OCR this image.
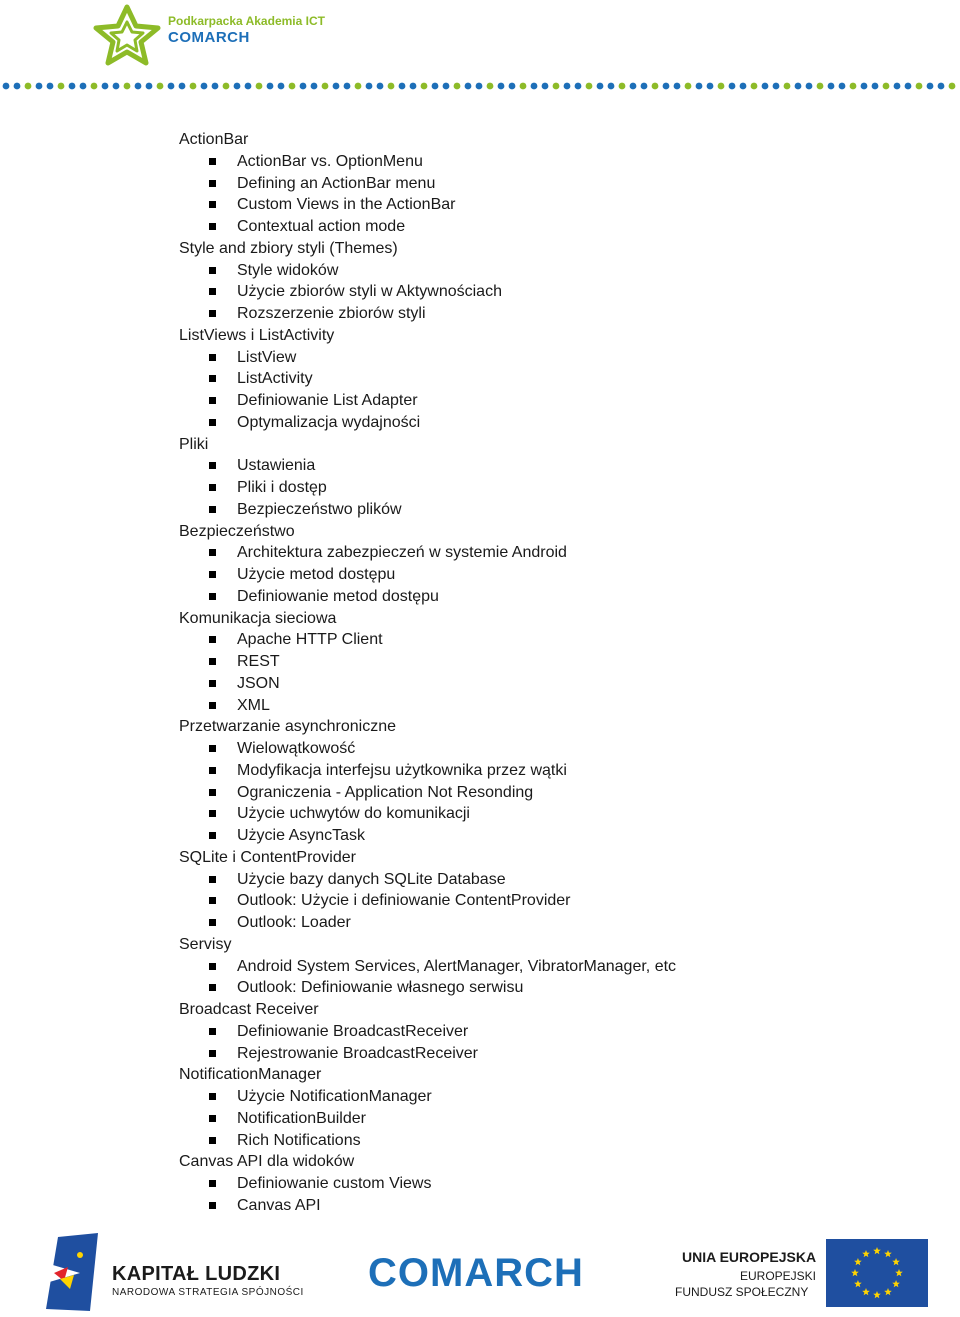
Podkarpacka Akademia ICT
COMARCH
ActionBar
ActionBar vs. OptionMenu
Defining an ActionBar menu
Custom Views in the ActionBar
Contextual action mode
Style and zbiory styli (Themes)
Style widoków
Użycie zbiorów styli w Aktywnościach
Rozszerzenie zbiorów styli
ListViews i ListActivity
ListView
ListActivity
Definiowanie List Adapter
Optymalizacja wydajności
Pliki
Ustawienia
Pliki i dostęp
Bezpieczeństwo plików
Bezpieczeństwo
Architektura zabezpieczeń w systemie Android
Użycie metod dostępu
Definiowanie metod dostępu
Komunikacja sieciowa
Apache HTTP Client
REST
JSON
XML
Przetwarzanie asynchroniczne
Wielowątkowość
Modyfikacja interfejsu użytkownika przez wątki
Ograniczenia - Application Not Resonding
Użycie uchwytów do komunikacji
Użycie AsyncTask
SQLite i ContentProvider
Użycie bazy danych SQLite Database
Outlook: Użycie i definiowanie ContentProvider
Outlook: Loader
Servisy
Android System Services, AlertManager, VibratorManager, etc
Outlook: Definiowanie własnego serwisu
Broadcast Receiver
Definiowanie BroadcastReceiver
Rejestrowanie BroadcastReceiver
NotificationManager
Użycie NotificationManager
NotificationBuilder
Rich Notifications
Canvas API dla widoków
Definiowanie custom Views
Canvas API
KAPITAŁ LUDZKI
NARODOWA STRATEGIA SPÓJNOŚCI COMARCH	UNIA EUROPEJSKA
EUROPEJSKI
FUNDUSZ SPOŁECZNY
